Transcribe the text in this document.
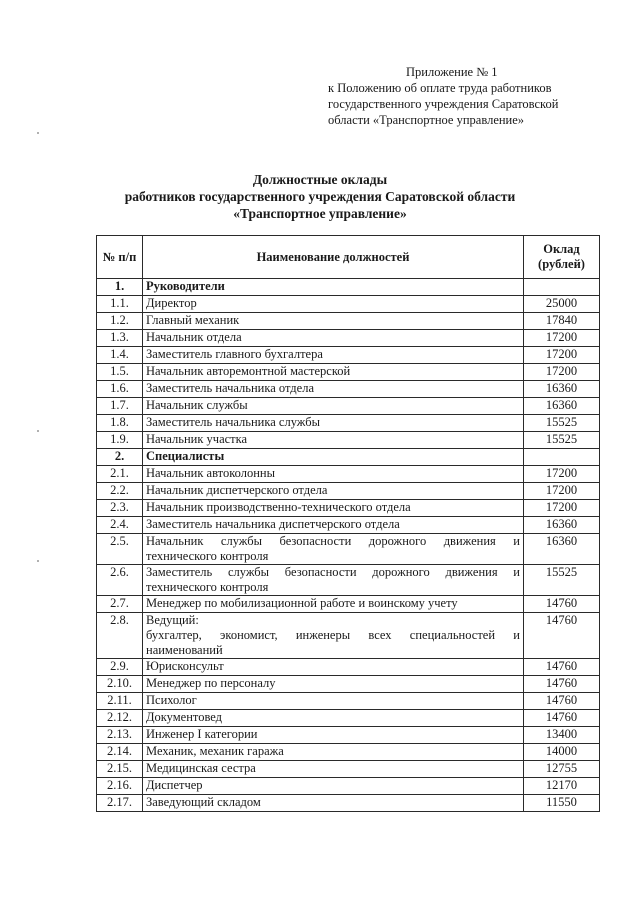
Приложение № 1
к Положению об оплате труда работников
государственного учреждения Саратовской
области «Транспортное управление»
Должностные оклады
работников государственного учреждения Саратовской области
«Транспортное управление»
№ п/п	Наименование должностей	Оклад (рублей)
1.	Руководители	
1.1.	Директор	25000
1.2.	Главный механик	17840
1.3.	Начальник отдела	17200
1.4.	Заместитель главного бухгалтера	17200
1.5.	Начальник авторемонтной мастерской	17200
1.6.	Заместитель начальника отдела	16360
1.7.	Начальник службы	16360
1.8.	Заместитель начальника службы	15525
1.9.	Начальник участка	15525
2.	Специалисты	
2.1.	Начальник автоколонны	17200
2.2.	Начальник диспетчерского отдела	17200
2.3.	Начальник производственно-технического отдела	17200
2.4.	Заместитель начальника диспетчерского отдела	16360
2.5.	Начальник службы безопасности дорожного движения и технического контроля	16360
2.6.	Заместитель службы безопасности дорожного движения и технического контроля	15525
2.7.	Менеджер по мобилизационной работе и воинскому учету	14760
2.8.	Ведущий:
бухгалтер, экономист, инженеры всех специальностей и наименований	14760
2.9.	Юрисконсульт	14760
2.10.	Менеджер по персоналу	14760
2.11.	Психолог	14760
2.12.	Документовед	14760
2.13.	Инженер I категории	13400
2.14.	Механик, механик гаража	14000
2.15.	Медицинская сестра	12755
2.16.	Диспетчер	12170
2.17.	Заведующий складом	11550
